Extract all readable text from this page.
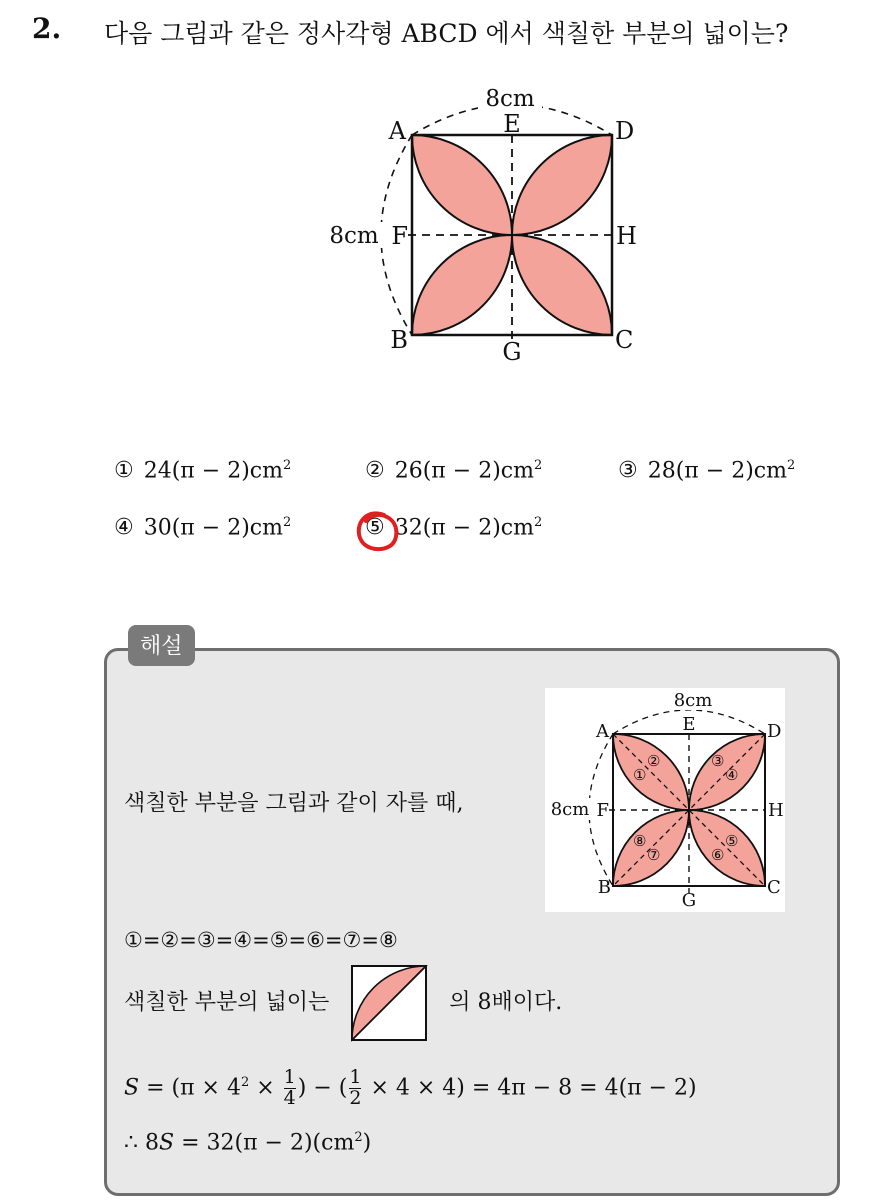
2. 다음 그림과 같은 정사각형 ABCD 에서 색칠한 부분의 넓이는?
8cm
8cm
A	D
B	C
E
F	H
G
① $24(\pi - 2)cm^2$	② $26(\pi - 2)cm^2$	③ $28(\pi - 2)cm^2$
④ $30(\pi - 2)cm^2$	⑤ $32(\pi - 2)cm^2$
해설
색칠한 부분을 그림과 같이 자를 때,
8cm
8cm
A	D
B	C
E
F	H
G
①
②	③
④
⑤
⑥
⑦
⑧
①=②=③=④=⑤=⑥=⑦=⑧
색칠한 부분의 넓이는	의 8배이다.
$S = (\pi \times 4^2 \times \frac{1}{4}$ ) − ( $\frac{1}{2} \times 4 \times 4) = 4\pi - 8 = 4(\pi - 2)$
∴ $8S = 32(\pi - 2)(cm^2)$
